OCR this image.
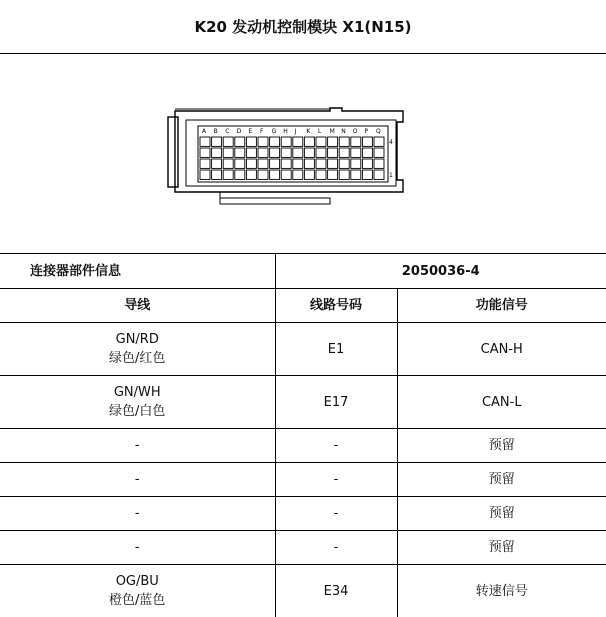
K20 发动机控制模块 X1(N15)
A B C D E F G H J K L M N O P Q
4
1
连接器部件信息	2050036-4	
导线	线路号码	功能信号

GN/RD
绿色/红色	E1	CAN-H

GN/WH
绿色/白色	E17	CAN-L

-	-	预留

-	-	预留

-	-	预留

-	-	预留

OG/BU
橙色/蓝色	E34	转速信号
